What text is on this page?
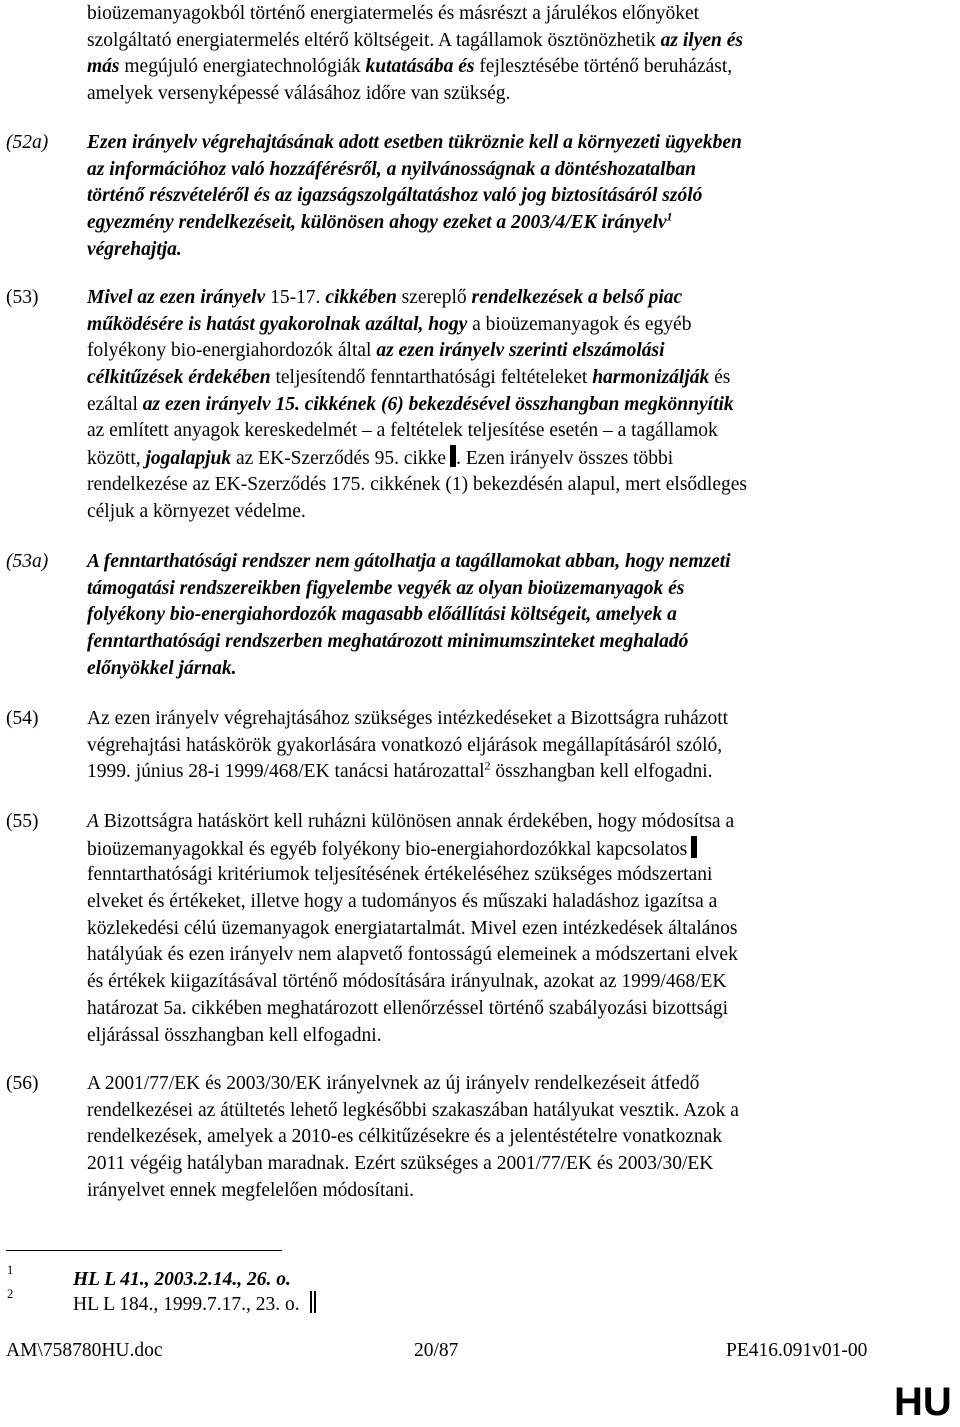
bioüzemanyagokból történő energiatermelés és másrészt a járulékos előnyöket
szolgáltató energiatermelés eltérő költségeit. A tagállamok ösztönözhetik az ilyen és
más megújuló energiatechnológiák kutatásába és fejlesztésébe történő beruházást,
amelyek versenyképessé válásához időre van szükség.
(52a) Ezen irányelv végrehajtásának adott esetben tükröznie kell a környezeti ügyekben
az információhoz való hozzáférésről, a nyilvánosságnak a döntéshozatalban
történő részvételéről és az igazságszolgáltatáshoz való jog biztosításáról szóló
egyezmény rendelkezéseit, különösen ahogy ezeket a 2003/4/EK irányelv$^1$
végrehajtja.
(53) Mivel az ezen irányelv 15-17. cikkében szereplő rendelkezések a belső piac
működésére is hatást gyakorolnak azáltal, hogy a bioüzemanyagok és egyéb
folyékony bio-energiahordozók által az ezen irányelv szerinti elszámolási
célkitűzések érdekében teljesítendő fenntarthatósági feltételeket harmonizálják és
ezáltal az ezen irányelv 15. cikkének (6) bekezdésével összhangban megkönnyítik
az említett anyagok kereskedelmét – a feltételek teljesítése esetén – a tagállamok
között, jogalapjuk az EK-Szerződés 95. cikke . Ezen irányelv összes többi
rendelkezése az EK-Szerződés 175. cikkének (1) bekezdésén alapul, mert elsődleges
céljuk a környezet védelme.
(53a) A fenntarthatósági rendszer nem gátolhatja a tagállamokat abban, hogy nemzeti
támogatási rendszereikben figyelembe vegyék az olyan bioüzemanyagok és
folyékony bio-energiahordozók magasabb előállítási költségeit, amelyek a
fenntarthatósági rendszerben meghatározott minimumszinteket meghaladó
előnyökkel járnak.
(54) Az ezen irányelv végrehajtásához szükséges intézkedéseket a Bizottságra ruházott
végrehajtási hatáskörök gyakorlására vonatkozó eljárások megállapításáról szóló,
1999. június 28-i 1999/468/EK tanácsi határozattal$^2$ összhangban kell elfogadni.
(55) A Bizottságra hatáskört kell ruházni különösen annak érdekében, hogy módosítsa a
bioüzemanyagokkal és egyéb folyékony bio-energiahordozókkal kapcsolatos
fenntarthatósági kritériumok teljesítésének értékeléséhez szükséges módszertani
elveket és értékeket, illetve hogy a tudományos és műszaki haladáshoz igazítsa a
közlekedési célú üzemanyagok energiatartalmát. Mivel ezen intézkedések általános
hatályúak és ezen irányelv nem alapvető fontosságú elemeinek a módszertani elvek
és értékek kiigazításával történő módosítására irányulnak, azokat az 1999/468/EK
határozat 5a. cikkében meghatározott ellenőrzéssel történő szabályozási bizottsági
eljárással összhangban kell elfogadni.
(56) A 2001/77/EK és 2003/30/EK irányelvnek az új irányelv rendelkezéseit átfedő
rendelkezései az átültetés lehető legkésőbbi szakaszában hatályukat vesztik. Azok a
rendelkezések, amelyek a 2010-es célkitűzésekre és a jelentéstételre vonatkoznak
2011 végéig hatályban maradnak. Ezért szükséges a 2001/77/EK és 2003/30/EK
irányelvet ennek megfelelően módosítani.
1	HL L 41., 2003.2.14., 26. o.
2	HL L 184., 1999.7.17., 23. o.
AM\758780HU.doc	20/87	PE416.091v01-00
HU
